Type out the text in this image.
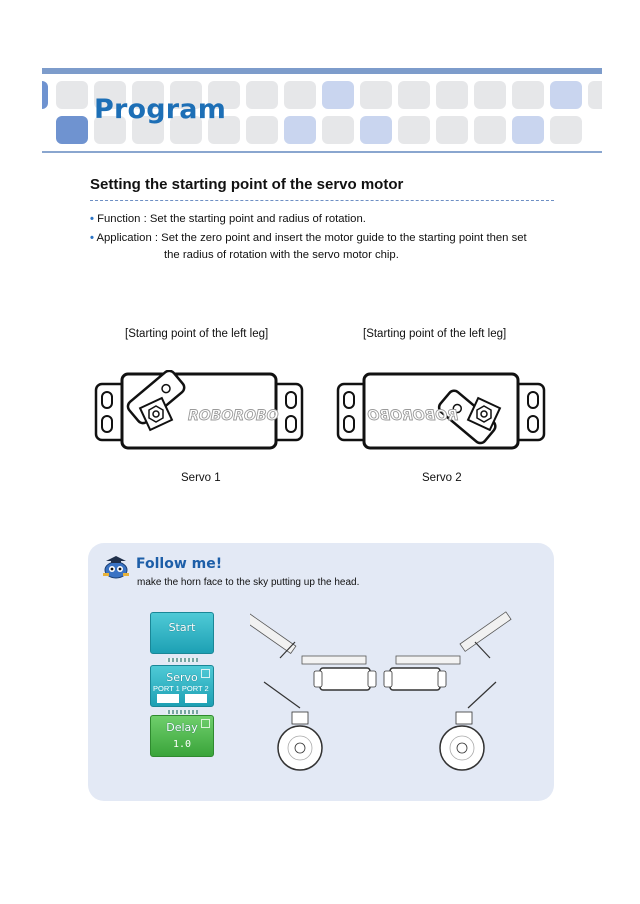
Program
Setting the starting point of the servo motor
• Function : Set the starting point and radius of rotation.
• Application : Set the zero point and insert the motor guide to the starting point then set
the radius of rotation with the servo motor chip.
[Starting point of the left leg]	[Starting point of the left leg]
ROBOROBO	ROBOROBO
Servo 1	Servo 2
Follow me!
make the horn face to the sky putting up the head.
Start
Servo
PORT 1 PORT 2
Delay
1.0
